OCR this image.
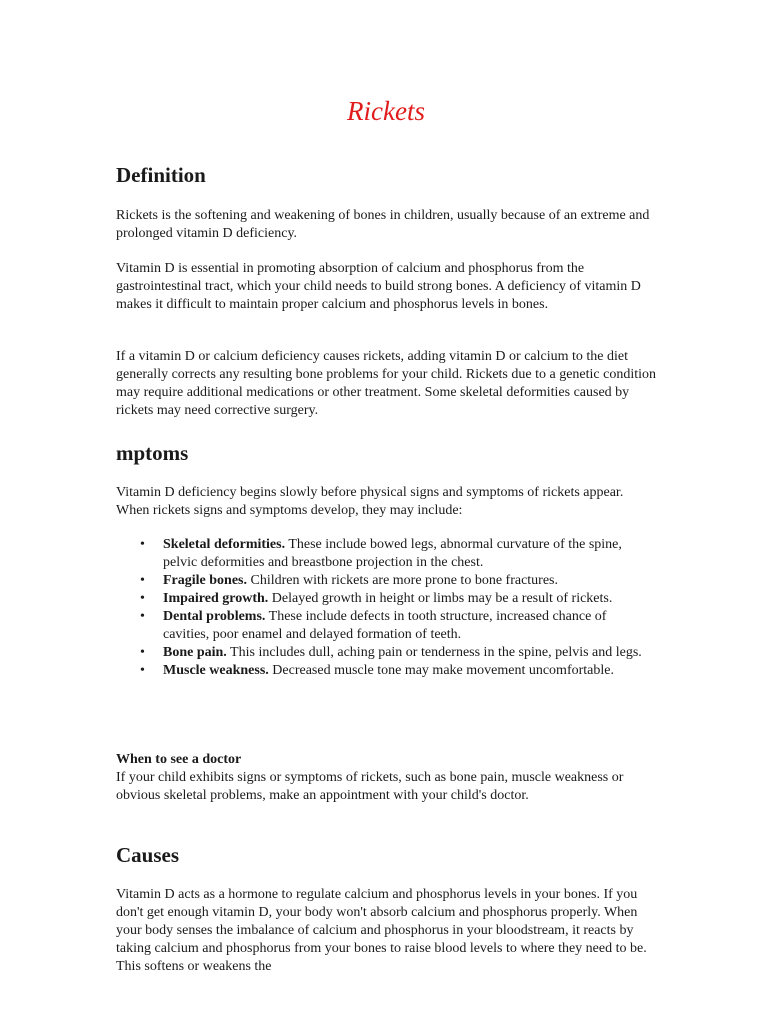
Rickets
Definition

Rickets is the softening and weakening of bones in children, usually because of an extreme and prolonged vitamin D deficiency.

Vitamin D is essential in promoting absorption of calcium and phosphorus from the gastrointestinal tract, which your child needs to build strong bones. A deficiency of vitamin D makes it difficult to maintain proper calcium and phosphorus levels in bones.

If a vitamin D or calcium deficiency causes rickets, adding vitamin D or calcium to the diet generally corrects any resulting bone problems for your child. Rickets due to a genetic condition may require additional medications or other treatment. Some skeletal deformities caused by rickets may need corrective surgery.

mptoms

Vitamin D deficiency begins slowly before physical signs and symptoms of rickets appear. When rickets signs and symptoms develop, they may include:

• Skeletal deformities. These include bowed legs, abnormal curvature of the spine, pelvic deformities and breastbone projection in the chest.
• Fragile bones. Children with rickets are more prone to bone fractures.
• Impaired growth. Delayed growth in height or limbs may be a result of rickets.
• Dental problems. These include defects in tooth structure, increased chance of cavities, poor enamel and delayed formation of teeth.
• Bone pain. This includes dull, aching pain or tenderness in the spine, pelvis and legs.
• Muscle weakness. Decreased muscle tone may make movement uncomfortable.

When to see a doctor

If your child exhibits signs or symptoms of rickets, such as bone pain, muscle weakness or obvious skeletal problems, make an appointment with your child's doctor.

Causes

Vitamin D acts as a hormone to regulate calcium and phosphorus levels in your bones. If you don't get enough vitamin D, your body won't absorb calcium and phosphorus properly. When your body senses the imbalance of calcium and phosphorus in your bloodstream, it reacts by taking calcium and phosphorus from your bones to raise blood levels to where they need to be. This softens or weakens the
